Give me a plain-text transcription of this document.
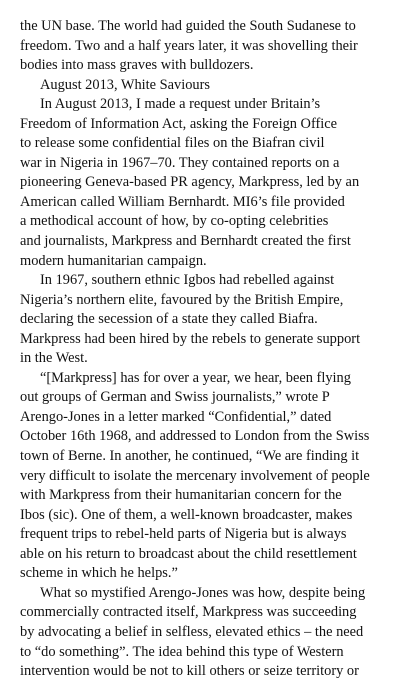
the UN base. The world had guided the South Sudanese to
freedom. Two and a half years later, it was shovelling their
bodies into mass graves with bulldozers.
August 2013, White Saviours
In August 2013, I made a request under Britain’s
Freedom of Information Act, asking the Foreign Office
to release some confidential files on the Biafran civil
war in Nigeria in 1967–70. They contained reports on a
pioneering Geneva-based PR agency, Markpress, led by an
American called William Bernhardt. MI6’s file provided
a methodical account of how, by co-opting celebrities
and journalists, Markpress and Bernhardt created the first
modern humanitarian campaign.
In 1967, southern ethnic Igbos had rebelled against
Nigeria’s northern elite, favoured by the British Empire,
declaring the secession of a state they called Biafra.
Markpress had been hired by the rebels to generate support
in the West.
“[Markpress] has for over a year, we hear, been flying
out groups of German and Swiss journalists,” wrote P
Arengo-Jones in a letter marked “Confidential,” dated
October 16th 1968, and addressed to London from the Swiss
town of Berne. In another, he continued, “We are finding it
very difficult to isolate the mercenary involvement of people
with Markpress from their humanitarian concern for the
Ibos (sic). One of them, a well-known broadcaster, makes
frequent trips to rebel-held parts of Nigeria but is always
able on his return to broadcast about the child resettlement
scheme in which he helps.”
What so mystified Arengo-Jones was how, despite being
commercially contracted itself, Markpress was succeeding
by advocating a belief in selfless, elevated ethics – the need
to “do something”. The idea behind this type of Western
intervention would be not to kill others or seize territory or
